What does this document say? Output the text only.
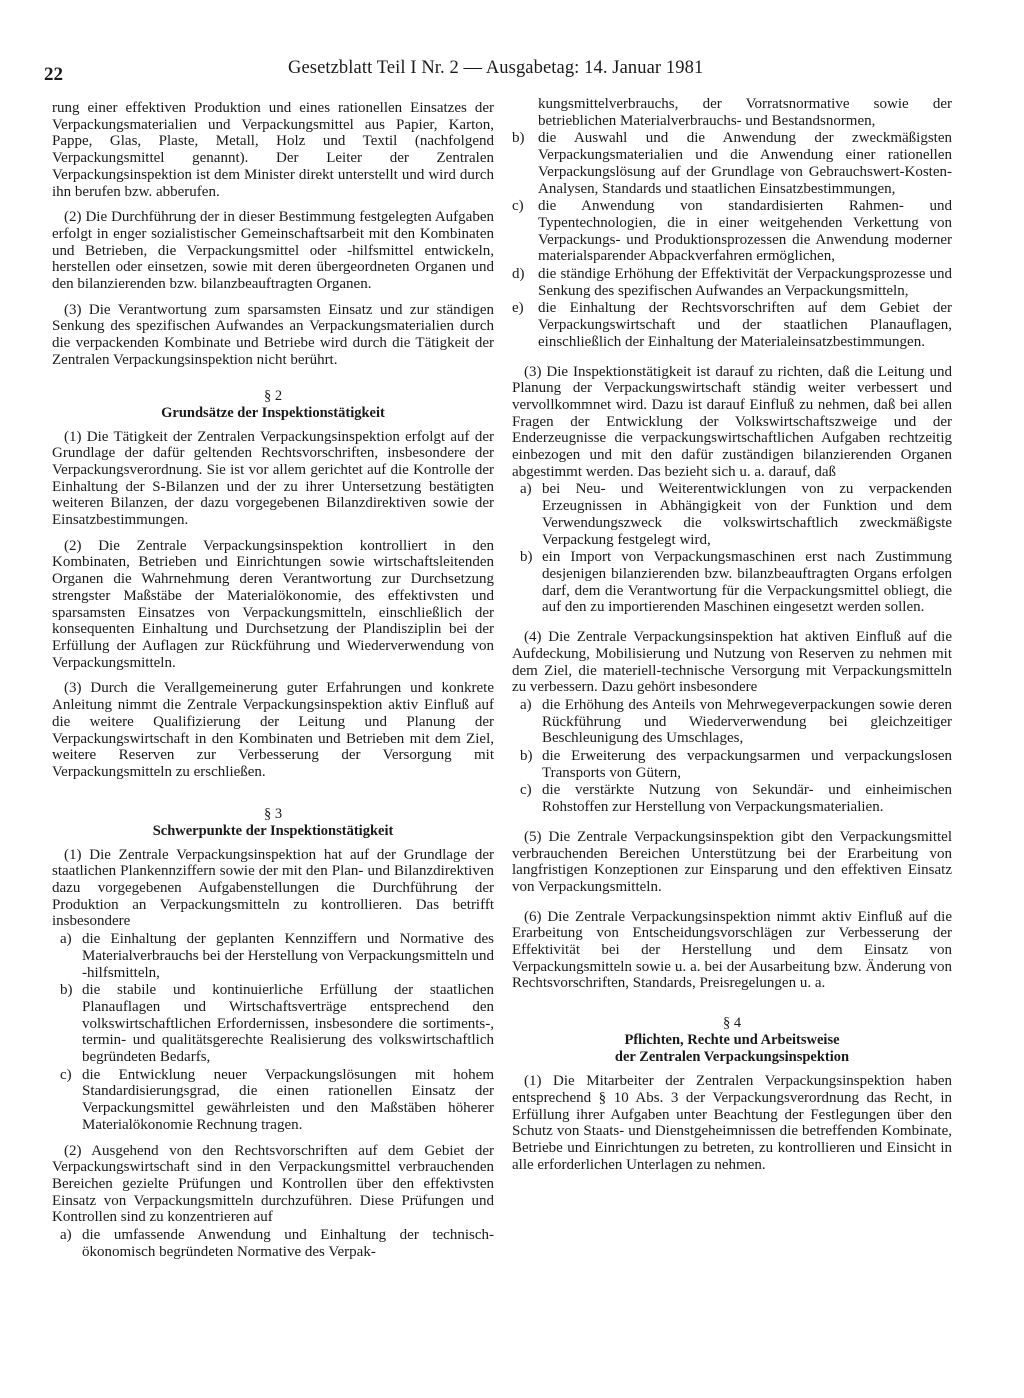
22	Gesetzblatt Teil I Nr. 2 — Ausgabetag: 14. Januar 1981

rung einer effektiven Produktion und eines rationellen Einsatzes der Verpackungsmaterialien und Verpackungsmittel aus Papier, Karton, Pappe, Glas, Plaste, Metall, Holz und Textil (nachfolgend Verpackungsmittel genannt). Der Leiter der Zentralen Verpackungsinspektion ist dem Minister direkt unterstellt und wird durch ihn berufen bzw. abberufen.

(2) Die Durchführung der in dieser Bestimmung festgelegten Aufgaben erfolgt in enger sozialistischer Gemeinschaftsarbeit mit den Kombinaten und Betrieben, die Verpackungsmittel oder -hilfsmittel entwickeln, herstellen oder einsetzen, sowie mit deren übergeordneten Organen und den bilanzierenden bzw. bilanzbeauftragten Organen.

(3) Die Verantwortung zum sparsamsten Einsatz und zur ständigen Senkung des spezifischen Aufwandes an Verpackungsmaterialien durch die verpackenden Kombinate und Betriebe wird durch die Tätigkeit der Zentralen Verpackungsinspektion nicht berührt.

§ 2
Grundsätze der Inspektionstätigkeit

(1) Die Tätigkeit der Zentralen Verpackungsinspektion erfolgt auf der Grundlage der dafür geltenden Rechtsvorschriften, insbesondere der Verpackungsverordnung. Sie ist vor allem gerichtet auf die Kontrolle der Einhaltung der S-Bilanzen und der zu ihrer Untersetzung bestätigten weiteren Bilanzen, der dazu vorgegebenen Bilanzdirektiven sowie der Einsatzbestimmungen.

(2) Die Zentrale Verpackungsinspektion kontrolliert in den Kombinaten, Betrieben und Einrichtungen sowie wirtschaftsleitenden Organen die Wahrnehmung deren Verantwortung zur Durchsetzung strengster Maßstäbe der Materialökonomie, des effektivsten und sparsamsten Einsatzes von Verpackungsmitteln, einschließlich der konsequenten Einhaltung und Durchsetzung der Plandisziplin bei der Erfüllung der Auflagen zur Rückführung und Wiederverwendung von Verpackungsmitteln.

(3) Durch die Verallgemeinerung guter Erfahrungen und konkrete Anleitung nimmt die Zentrale Verpackungsinspektion aktiv Einfluß auf die weitere Qualifizierung der Leitung und Planung der Verpackungswirtschaft in den Kombinaten und Betrieben mit dem Ziel, weitere Reserven zur Verbesserung der Versorgung mit Verpackungsmitteln zu erschließen.

§ 3
Schwerpunkte der Inspektionstätigkeit

(1) Die Zentrale Verpackungsinspektion hat auf der Grundlage der staatlichen Plankennziffern sowie der mit den Plan- und Bilanzdirektiven dazu vorgegebenen Aufgabenstellungen die Durchführung der Produktion an Verpackungsmitteln zu kontrollieren. Das betrifft insbesondere

a) die Einhaltung der geplanten Kennziffern und Normative des Materialverbrauchs bei der Herstellung von Verpackungsmitteln und -hilfsmitteln,
b) die stabile und kontinuierliche Erfüllung der staatlichen Planauflagen und Wirtschaftsverträge entsprechend den volkswirtschaftlichen Erfordernissen, insbesondere die sortiments-, termin- und qualitätsgerechte Realisierung des volkswirtschaftlich begründeten Bedarfs,
c) die Entwicklung neuer Verpackungslösungen mit hohem Standardisierungsgrad, die einen rationellen Einsatz der Verpackungsmittel gewährleisten und den Maßstäben höherer Materialökonomie Rechnung tragen.

(2) Ausgehend von den Rechtsvorschriften auf dem Gebiet der Verpackungswirtschaft sind in den Verpackungsmittel verbrauchenden Bereichen gezielte Prüfungen und Kontrollen über den effektivsten Einsatz von Verpackungsmitteln durchzuführen. Diese Prüfungen und Kontrollen sind zu konzentrieren auf

a) die umfassende Anwendung und Einhaltung der technisch-ökonomisch begründeten Normative des Verpak-
kungsmittelverbrauchs, der Vorratsnormative sowie der betrieblichen Materialverbrauchs- und Bestandsnormen,
b) die Auswahl und die Anwendung der zweckmäßigsten Verpackungsmaterialien und die Anwendung einer rationellen Verpackungslösung auf der Grundlage von Gebrauchswert-Kosten-Analysen, Standards und staatlichen Einsatzbestimmungen,
c) die Anwendung von standardisierten Rahmen- und Typentechnologien, die in einer weitgehenden Verkettung von Verpackungs- und Produktionsprozessen die Anwendung moderner materialsparender Abpackverfahren ermöglichen,
d) die ständige Erhöhung der Effektivität der Verpackungsprozesse und Senkung des spezifischen Aufwandes an Verpackungsmitteln,
e) die Einhaltung der Rechtsvorschriften auf dem Gebiet der Verpackungswirtschaft und der staatlichen Planauflagen, einschließlich der Einhaltung der Materialeinsatzbestimmungen.

(3) Die Inspektionstätigkeit ist darauf zu richten, daß die Leitung und Planung der Verpackungswirtschaft ständig weiter verbessert und vervollkommnet wird. Dazu ist darauf Einfluß zu nehmen, daß bei allen Fragen der Entwicklung der Volkswirtschaftszweige und der Enderzeugnisse die verpackungswirtschaftlichen Aufgaben rechtzeitig einbezogen und mit den dafür zuständigen bilanzierenden Organen abgestimmt werden. Das bezieht sich u. a. darauf, daß

a) bei Neu- und Weiterentwicklungen von zu verpackenden Erzeugnissen in Abhängigkeit von der Funktion und dem Verwendungszweck die volkswirtschaftlich zweckmäßigste Verpackung festgelegt wird,
b) ein Import von Verpackungsmaschinen erst nach Zustimmung desjenigen bilanzierenden bzw. bilanzbeauftragten Organs erfolgen darf, dem die Verantwortung für die Verpackungsmittel obliegt, die auf den zu importierenden Maschinen eingesetzt werden sollen.

(4) Die Zentrale Verpackungsinspektion hat aktiven Einfluß auf die Aufdeckung, Mobilisierung und Nutzung von Reserven zu nehmen mit dem Ziel, die materiell-technische Versorgung mit Verpackungsmitteln zu verbessern. Dazu gehört insbesondere

a) die Erhöhung des Anteils von Mehrwegeverpackungen sowie deren Rückführung und Wiederverwendung bei gleichzeitiger Beschleunigung des Umschlages,
b) die Erweiterung des verpackungsarmen und verpackungslosen Transports von Gütern,
c) die verstärkte Nutzung von Sekundär- und einheimischen Rohstoffen zur Herstellung von Verpackungsmaterialien.

(5) Die Zentrale Verpackungsinspektion gibt den Verpackungsmittel verbrauchenden Bereichen Unterstützung bei der Erarbeitung von langfristigen Konzeptionen zur Einsparung und den effektiven Einsatz von Verpackungsmitteln.

(6) Die Zentrale Verpackungsinspektion nimmt aktiv Einfluß auf die Erarbeitung von Entscheidungsvorschlägen zur Verbesserung der Effektivität bei der Herstellung und dem Einsatz von Verpackungsmitteln sowie u. a. bei der Ausarbeitung bzw. Änderung von Rechtsvorschriften, Standards, Preisregelungen u. a.

§ 4
Pflichten, Rechte und Arbeitsweise
der Zentralen Verpackungsinspektion

(1) Die Mitarbeiter der Zentralen Verpackungsinspektion haben entsprechend § 10 Abs. 3 der Verpackungsverordnung das Recht, in Erfüllung ihrer Aufgaben unter Beachtung der Festlegungen über den Schutz von Staats- und Dienstgeheimnissen die betreffenden Kombinate, Betriebe und Einrichtungen zu betreten, zu kontrollieren und Einsicht in alle erforderlichen Unterlagen zu nehmen.
